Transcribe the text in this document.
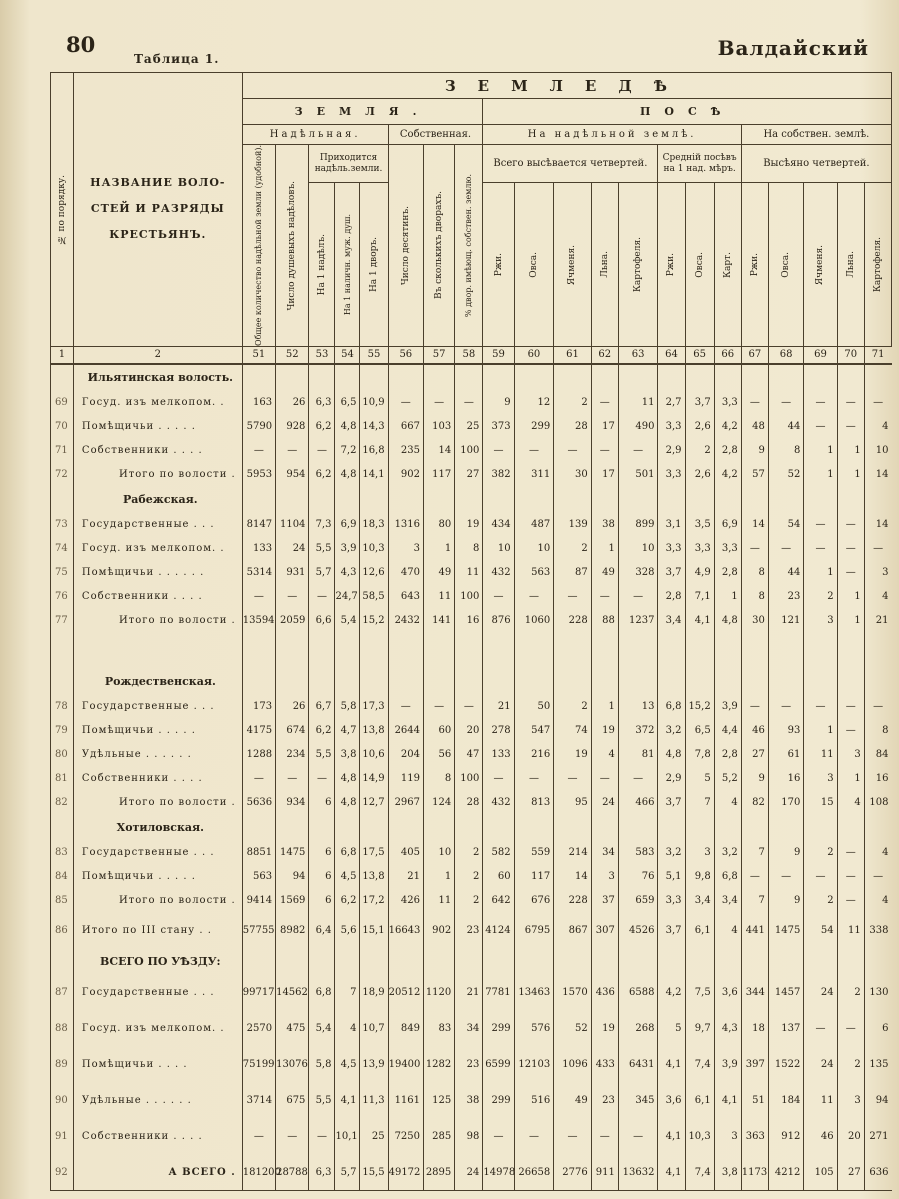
80
Таблица 1.	Валдайский
№ по порядку.	НАЗВАНИЕ ВОЛО-СТЕЙ И РАЗРЯДЫ КРЕСТЬЯНЪ.	ЗЕМЛЕДѢ																				
		ЗЕМЛЯ.								ПОСѢ												
		Надѣльная.					Собственная.			На надѣльной землѣ.								На собствен. землѣ.				

		Общее количество надѣльной земли (удобной).	Число душевыхъ надѣловъ.	Приходится надѣль.земли.			Число десятинъ.	Въ сколькихъ дворахъ.	% двор. имѣющ. собствен. землю.	Всего высѣвается четвертей.					Средній посѣвъ на 1 над. мѣръ.			Высѣяно четвертей.				

				На 1 надѣлъ.	На 1 наличн. муж. душ.	На 1 дворъ.				Ржи.	Овса.	Ячменя.	Льна.	Картофеля.	Ржи.	Овса.	Карт.	Ржи.	Овса.	Ячменя.	Льна.	Картофеля.

1	2	51	52	53	54	55	56	57	58	59	60	61	62	63	64	65	66	67	68	69	70	71
	Ильятинская волость.																					
69	Госуд. изъ мелкопом. .	163	26	6,3	6,5	10,9	—	—	—	9	12	2	—	11	2,7	3,7	3,3	—	—	—	—	—
70	Помѣщичьи . . . . .	5790	928	6,2	4,8	14,3	667	103	25	373	299	28	17	490	3,3	2,6	4,2	48	44	—	—	4
71	Собственники . . . .	—	—	—	7,2	16,8	235	14	100	—	—	—	—	—	2,9	2	2,8	9	8	1	1	10
72	Итого по волости .	5953	954	6,2	4,8	14,1	902	117	27	382	311	30	17	501	3,3	2,6	4,2	57	52	1	1	14
	Рабежская.																					
73	Государственные . . .	8147	1104	7,3	6,9	18,3	1316	80	19	434	487	139	38	899	3,1	3,5	6,9	14	54	—	—	14
74	Госуд. изъ мелкопом. .	133	24	5,5	3,9	10,3	3	1	8	10	10	2	1	10	3,3	3,3	3,3	—	—	—	—	—
75	Помѣщичьи . . . . . .	5314	931	5,7	4,3	12,6	470	49	11	432	563	87	49	328	3,7	4,9	2,8	8	44	1	—	3
76	Собственники . . . .	—	—	—	24,7	58,5	643	11	100	—	—	—	—	—	2,8	7,1	1	8	23	2	1	4
77	Итого по волости .	13594	2059	6,6	5,4	15,2	2432	141	16	876	1060	228	88	1237	3,4	4,1	4,8	30	121	3	1	21

	Рождественская.																					
78	Государственные . . .	173	26	6,7	5,8	17,3	—	—	—	21	50	2	1	13	6,8	15,2	3,9	—	—	—	—	—
79	Помѣщичьи . . . . .	4175	674	6,2	4,7	13,8	2644	60	20	278	547	74	19	372	3,2	6,5	4,4	46	93	1	—	8
80	Удѣльные . . . . . .	1288	234	5,5	3,8	10,6	204	56	47	133	216	19	4	81	4,8	7,8	2,8	27	61	11	3	84
81	Собственники . . . .	—	—	—	4,8	14,9	119	8	100	—	—	—	—	—	2,9	5	5,2	9	16	3	1	16
82	Итого по волости .	5636	934	6	4,8	12,7	2967	124	28	432	813	95	24	466	3,7	7	4	82	170	15	4	108
	Хотиловская.																					
83	Государственные . . .	8851	1475	6	6,8	17,5	405	10	2	582	559	214	34	583	3,2	3	3,2	7	9	2	—	4
84	Помѣщичьи . . . . .	563	94	6	4,5	13,8	21	1	2	60	117	14	3	76	5,1	9,8	6,8	—	—	—	—	—
85	Итого по волости .	9414	1569	6	6,2	17,2	426	11	2	642	676	228	37	659	3,3	3,4	3,4	7	9	2	—	4
86	Итого по III стану . .	57755	8982	6,4	5,6	15,1	16643	902	23	4124	6795	867	307	4526	3,7	6,1	4	441	1475	54	11	338
	ВСЕГО ПО УѢЗДУ:																					
87	Государственные . . .	99717	14562	6,8	7	18,9	20512	1120	21	7781	13463	1570	436	6588	4,2	7,5	3,6	344	1457	24	2	130
88	Госуд. изъ мелкопом. .	2570	475	5,4	4	10,7	849	83	34	299	576	52	19	268	5	9,7	4,3	18	137	—	—	6
89	Помѣщичьи . . . .	75199	13076	5,8	4,5	13,9	19400	1282	23	6599	12103	1096	433	6431	4,1	7,4	3,9	397	1522	24	2	135
90	Удѣльные . . . . . .	3714	675	5,5	4,1	11,3	1161	125	38	299	516	49	23	345	3,6	6,1	4,1	51	184	11	3	94
91	Собственники . . . .	—	—	—	10,1	25	7250	285	98	—	—	—	—	—	4,1	10,3	3	363	912	46	20	271
92	А ВСЕГО .	181200	28788	6,3	5,7	15,5	49172	2895	24	14978	26658	2776	911	13632	4,1	7,4	3,8	1173	4212	105	27	636
